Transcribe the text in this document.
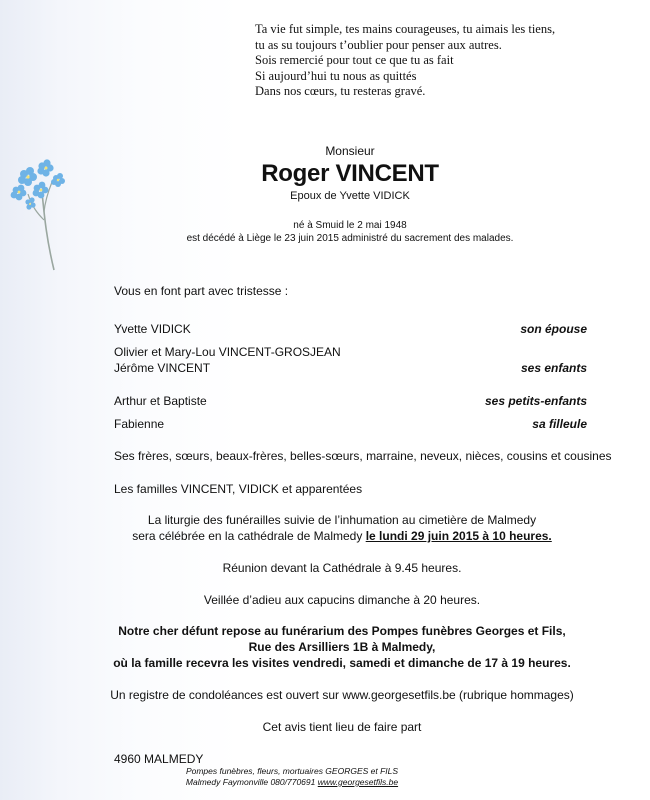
Ta vie fut simple, tes mains courageuses, tu aimais les tiens,
tu as su toujours t’oublier pour penser aux autres.
Sois remercié pour tout ce que tu as fait
Si aujourd’hui tu nous as quittés
Dans nos cœurs, tu resteras gravé.
Monsieur
Roger VINCENT
Epoux de Yvette VIDICK
né à Smuid le 2 mai 1948
est décédé à Liège le 23 juin 2015 administré du sacrement des malades.
Vous en font part avec tristesse :
Yvette VIDICK	son épouse
Olivier et Mary-Lou VINCENT-GROSJEAN
Jérôme VINCENT	ses enfants
Arthur et Baptiste	ses petits-enfants
Fabienne	sa filleule
Ses frères, sœurs, beaux-frères, belles-sœurs, marraine, neveux, nièces, cousins et cousines
Les familles VINCENT, VIDICK et apparentées
La liturgie des funérailles suivie de l’inhumation au cimetière de Malmedy
sera célébrée en la cathédrale de Malmedy le lundi 29 juin 2015 à 10 heures.
Réunion devant la Cathédrale à 9.45 heures.
Veillée d’adieu aux capucins dimanche à 20 heures.
Notre cher défunt repose au funérarium des Pompes funèbres Georges et Fils,
Rue des Arsilliers 1B à Malmedy,
où la famille recevra les visites vendredi, samedi et dimanche de 17 à 19 heures.
Un registre de condoléances est ouvert sur www.georgesetfils.be (rubrique hommages)
Cet avis tient lieu de faire part
4960 MALMEDY
Pompes funèbres, fleurs, mortuaires GEORGES et FILS
Malmedy Faymonville 080/770691 www.georgesetfils.be
